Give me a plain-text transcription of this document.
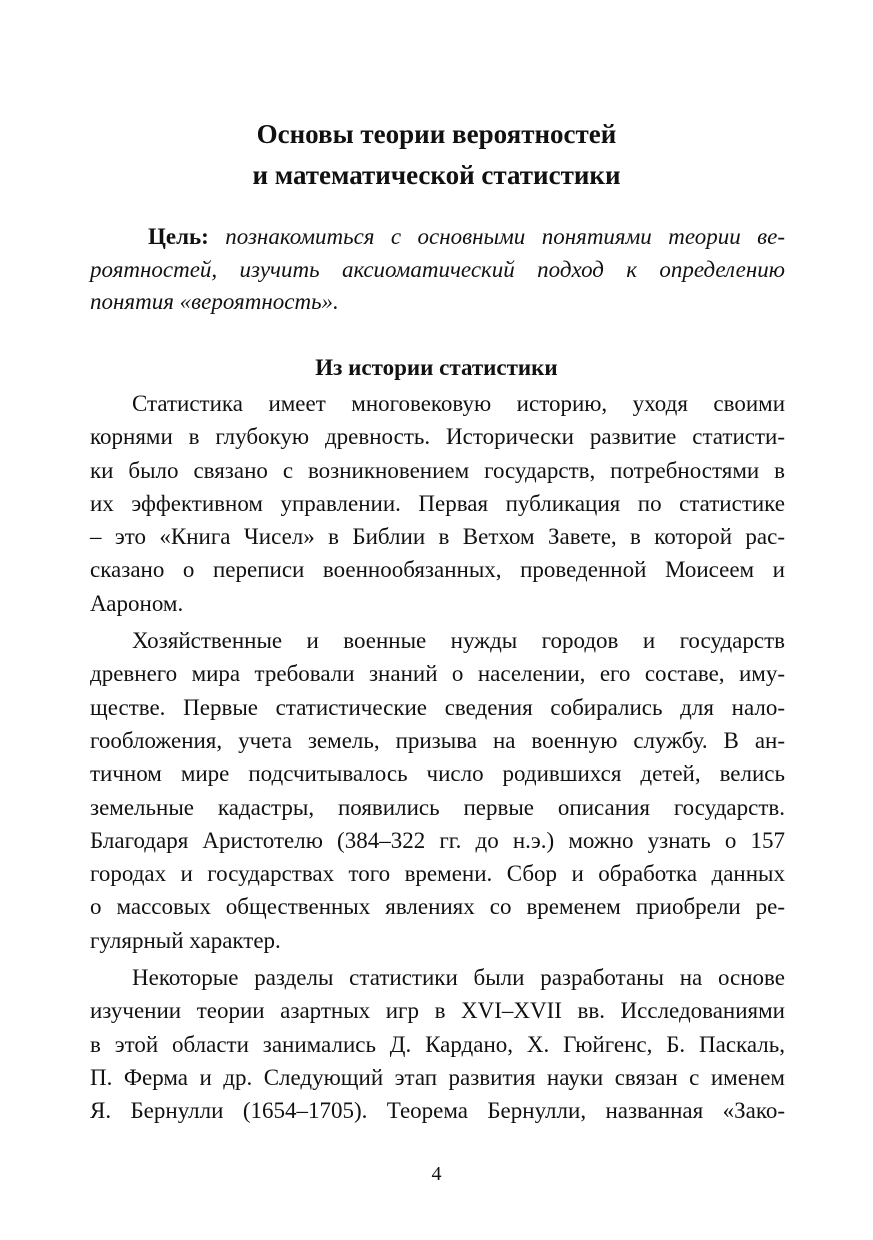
Основы теории вероятностей
и математической статистики
Цель: познакомиться с основными понятиями теории ве-
роятностей, изучить аксиоматический подход к определению
понятия «вероятность».
Из истории статистики
Статистика имеет многовековую историю, уходя своими
корнями в глубокую древность. Исторически развитие статисти-
ки было связано с возникновением государств, потребностями в
их эффективном управлении. Первая публикация по статистике
– это «Книга Чисел» в Библии в Ветхом Завете, в которой рас-
сказано о переписи военнообязанных, проведенной Моисеем и
Аароном.
Хозяйственные и военные нужды городов и государств
древнего мира требовали знаний о населении, его составе, иму-
ществе. Первые статистические сведения собирались для нало-
гообложения, учета земель, призыва на военную службу. В ан-
тичном мире подсчитывалось число родившихся детей, велись
земельные кадастры, появились первые описания государств.
Благодаря Аристотелю (384–322 гг. до н.э.) можно узнать о 157
городах и государствах того времени. Сбор и обработка данных
о массовых общественных явлениях со временем приобрели ре-
гулярный характер.
Некоторые разделы статистики были разработаны на основе
изучении теории азартных игр в XVI–XVII вв. Исследованиями
в этой области занимались Д. Кардано, Х. Гюйгенс, Б. Паскаль,
П. Ферма и др. Следующий этап развития науки связан с именем
Я. Бернулли (1654–1705). Теорема Бернулли, названная «Зако-
4
